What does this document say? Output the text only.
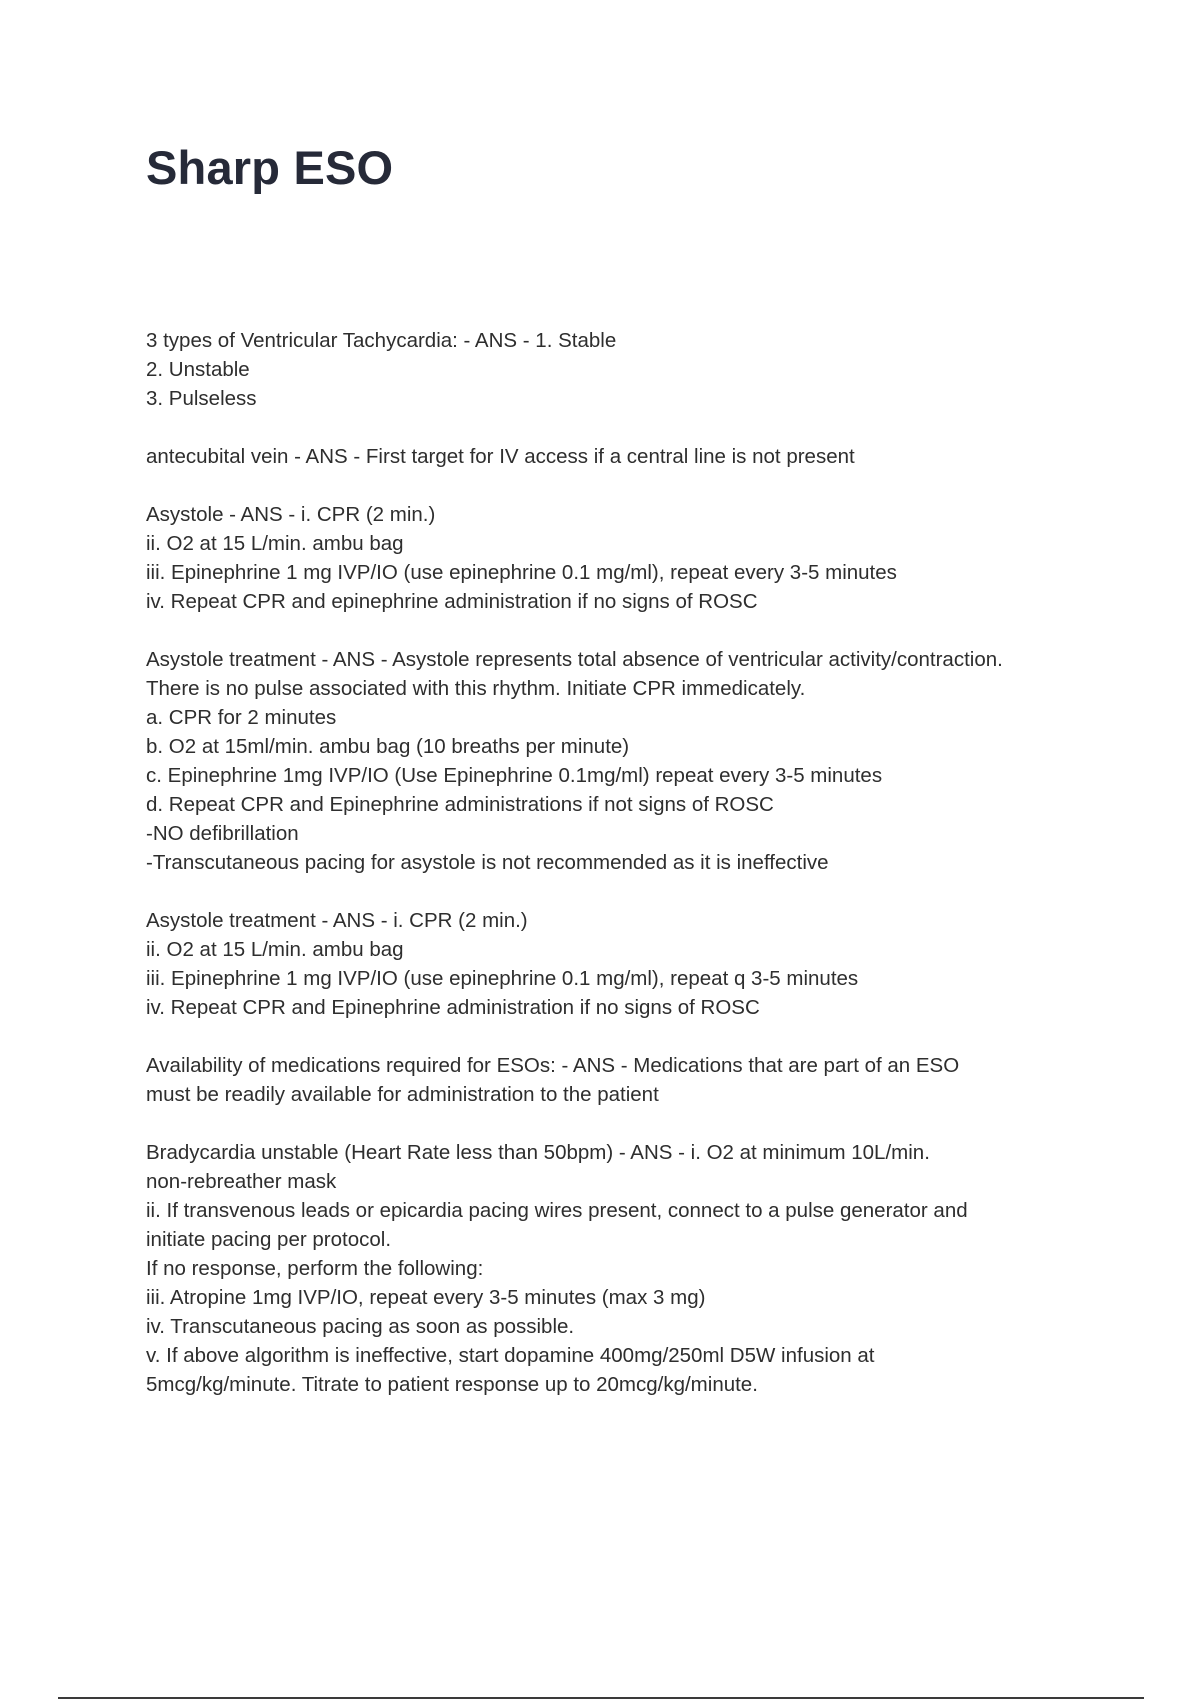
Sharp ESO
3 types of Ventricular Tachycardia: - ANS - 1. Stable
2. Unstable
3. Pulseless
antecubital vein - ANS - First target for IV access if a central line is not present
Asystole - ANS - i. CPR (2 min.)
ii. O2 at 15 L/min. ambu bag
iii. Epinephrine 1 mg IVP/IO (use epinephrine 0.1 mg/ml), repeat every 3-5 minutes
iv. Repeat CPR and epinephrine administration if no signs of ROSC
Asystole treatment - ANS - Asystole represents total absence of ventricular activity/contraction.
There is no pulse associated with this rhythm. Initiate CPR immedicately.
a. CPR for 2 minutes
b. O2 at 15ml/min. ambu bag (10 breaths per minute)
c. Epinephrine 1mg IVP/IO (Use Epinephrine 0.1mg/ml) repeat every 3-5 minutes
d. Repeat CPR and Epinephrine administrations if not signs of ROSC
-NO defibrillation
-Transcutaneous pacing for asystole is not recommended as it is ineffective
Asystole treatment - ANS - i. CPR (2 min.)
ii. O2 at 15 L/min. ambu bag
iii. Epinephrine 1 mg IVP/IO (use epinephrine 0.1 mg/ml), repeat q 3-5 minutes
iv. Repeat CPR and Epinephrine administration if no signs of ROSC
Availability of medications required for ESOs: - ANS - Medications that are part of an ESO
must be readily available for administration to the patient
Bradycardia unstable (Heart Rate less than 50bpm) - ANS - i. O2 at minimum 10L/min.
non-rebreather mask
ii. If transvenous leads or epicardia pacing wires present, connect to a pulse generator and
initiate pacing per protocol.
If no response, perform the following:
iii. Atropine 1mg IVP/IO, repeat every 3-5 minutes (max 3 mg)
iv. Transcutaneous pacing as soon as possible.
v. If above algorithm is ineffective, start dopamine 400mg/250ml D5W infusion at
5mcg/kg/minute. Titrate to patient response up to 20mcg/kg/minute.
